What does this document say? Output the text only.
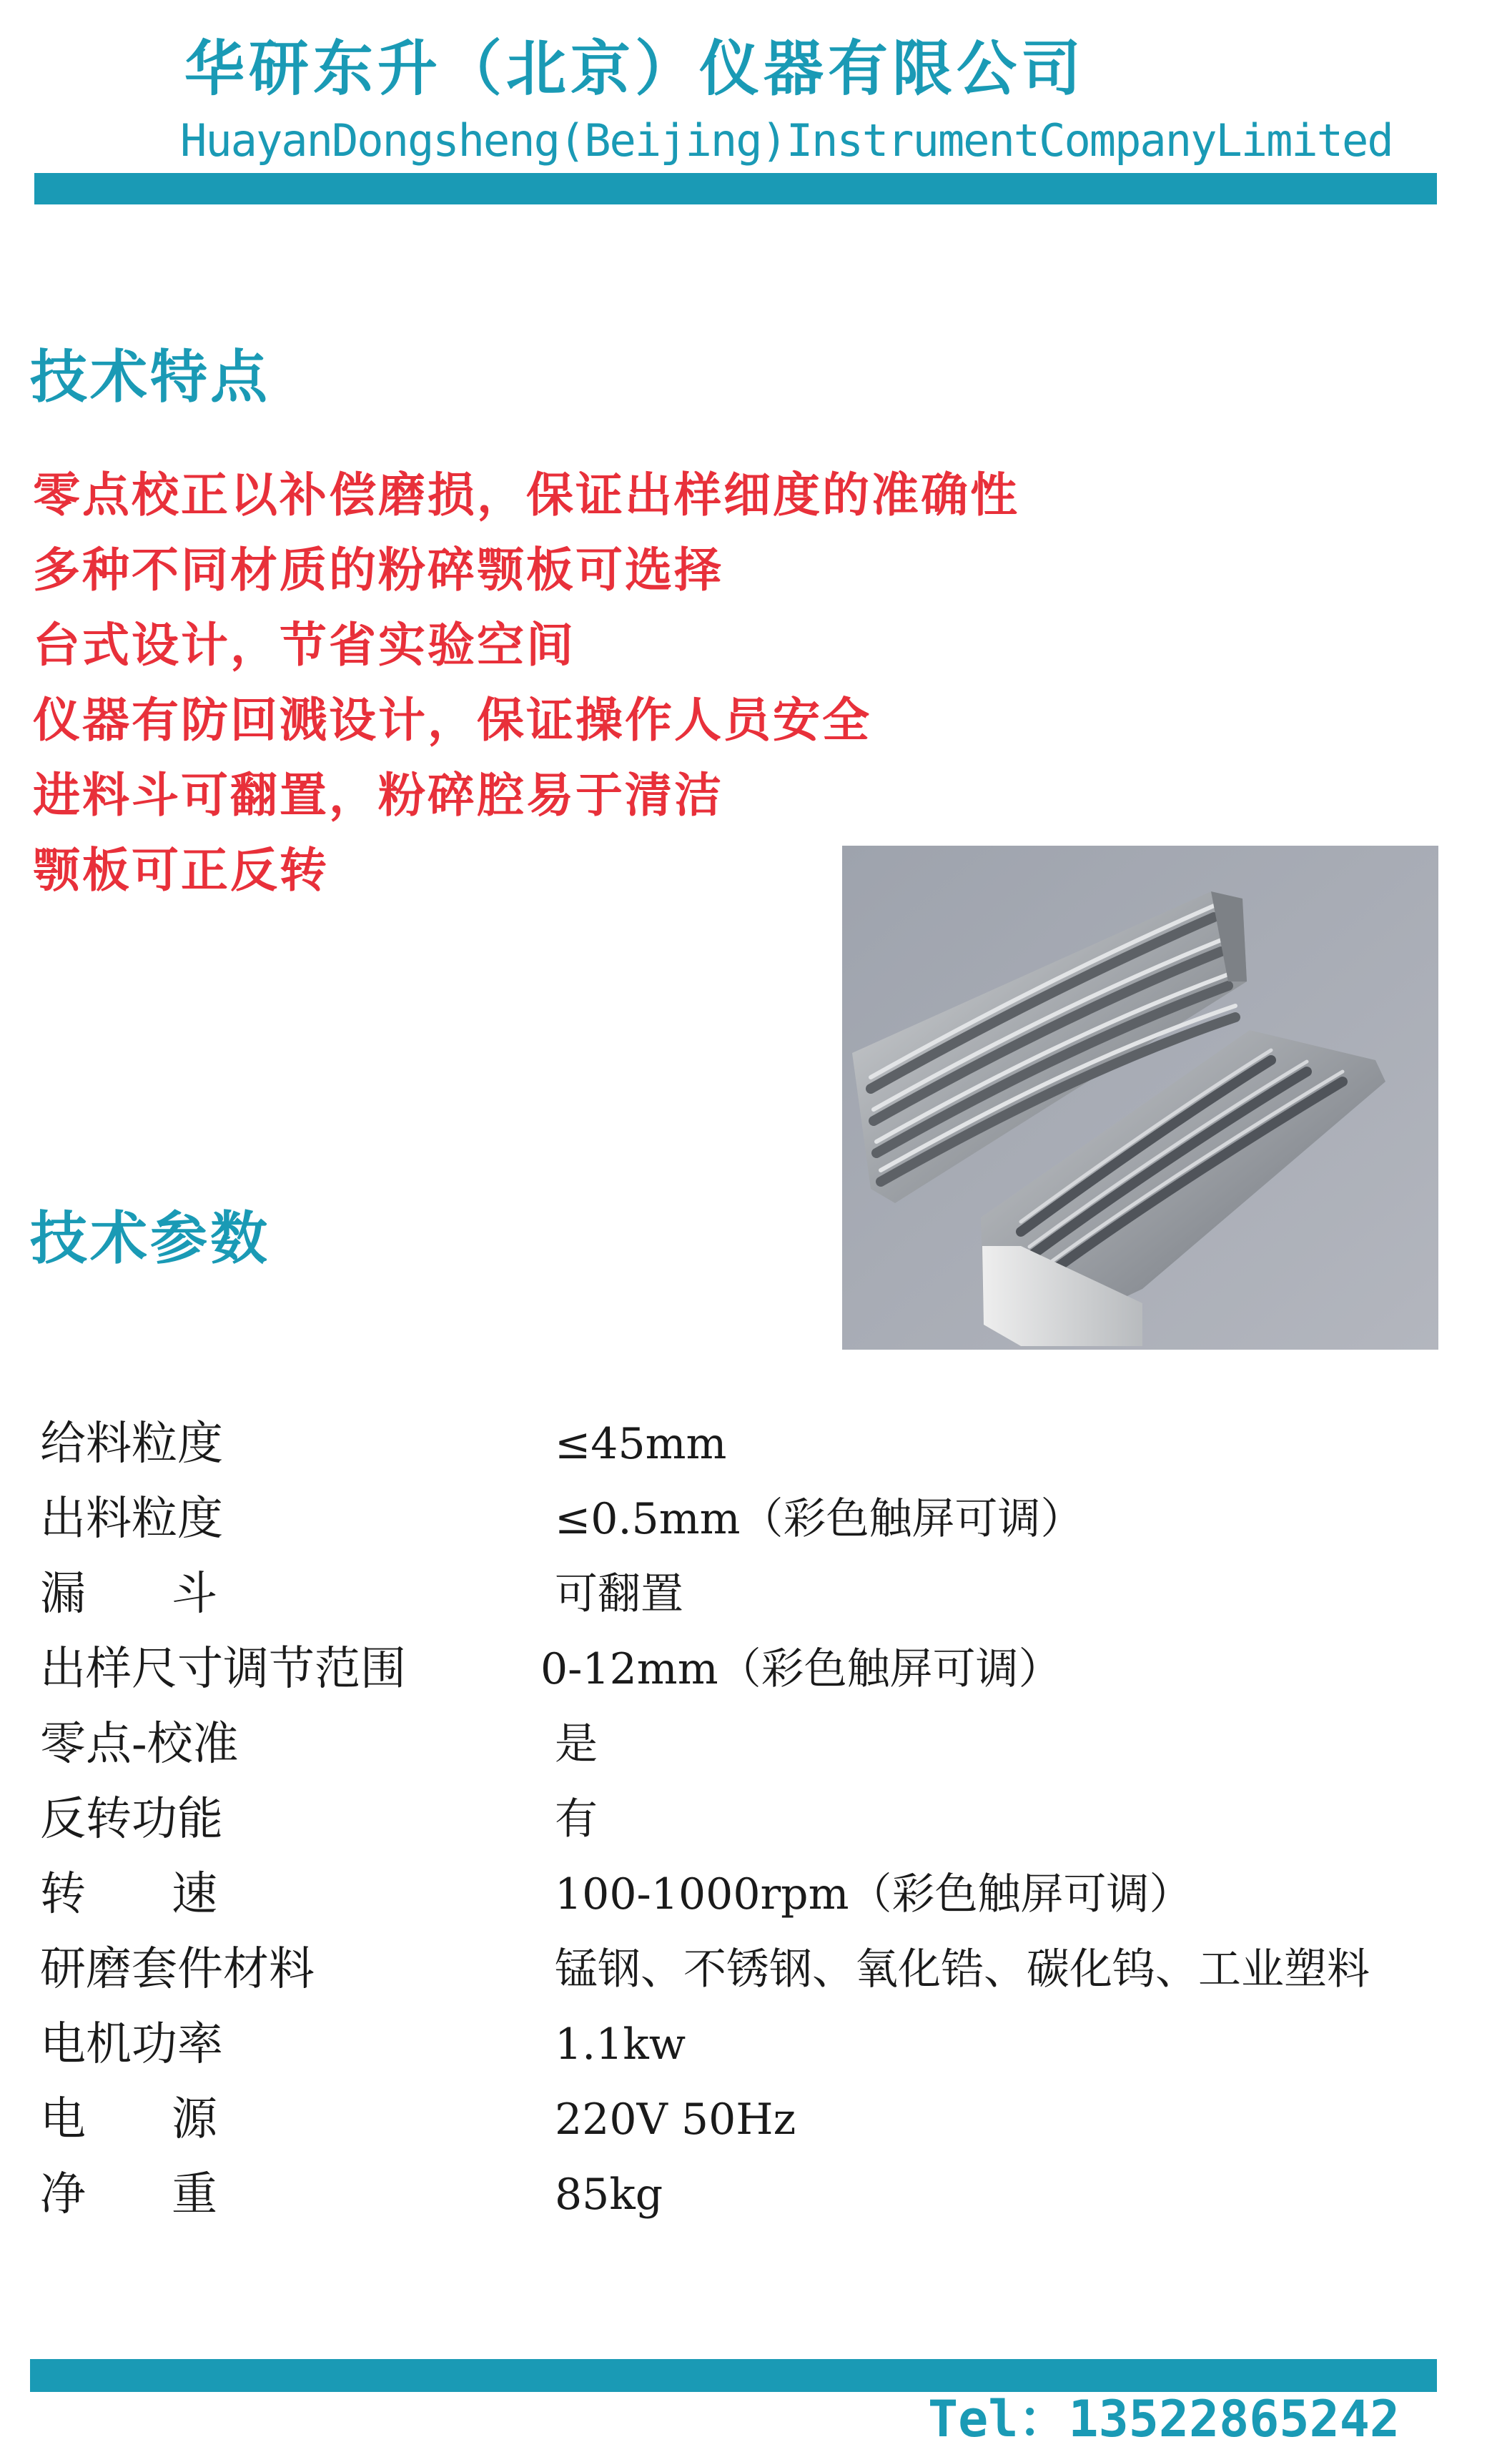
华研东升（北京）仪器有限公司
HuayanDongsheng(Beijing)InstrumentCompanyLimited
技术特点
零点校正以补偿磨损，保证出样细度的准确性
多种不同材质的粉碎颚板可选择
台式设计，节省实验空间
仪器有防回溅设计，保证操作人员安全
进料斗可翻置，粉碎腔易于清洁
颚板可正反转
技术参数
给料粒度	≤45mm
出料粒度	≤0.5mm（彩色触屏可调）
漏斗	可翻置
出样尺寸调节范围	0-12mm（彩色触屏可调）
零点-校准	是
反转功能	有
转速	100-1000rpm（彩色触屏可调）
研磨套件材料	锰钢、不锈钢、氧化锆、碳化钨、工业塑料
电机功率	1.1kw
电源	220V 50Hz
净重	85kg
Tel：13522865242
